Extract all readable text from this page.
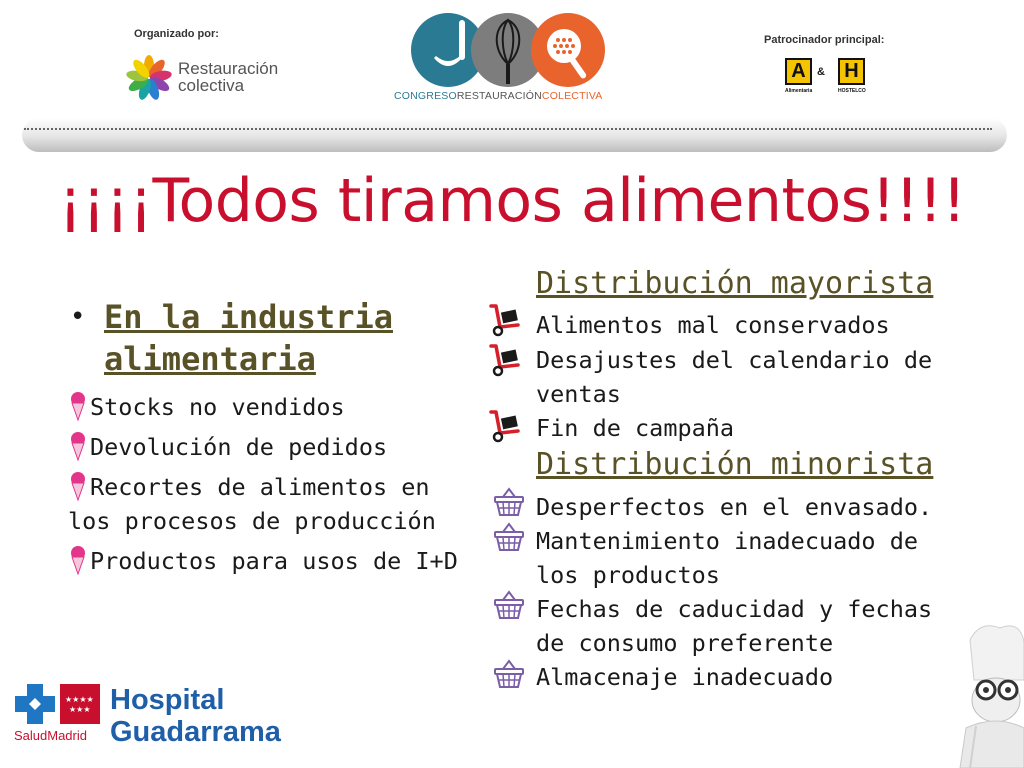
Organizado por:
Restauración
colectiva
CONGRESORESTAURACIÓNCOLECTIVA
Patrocinador principal:
A & H
Alimentaria	HOSTELCO
¡¡¡¡Todos tiramos alimentos!!!!
• En la industria alimentaria
Stocks no vendidos
Devolución de pedidos
Recortes de alimentos en los procesos de producción
Productos para usos de I+D
Distribución mayorista
Alimentos mal conservados
Desajustes del calendario de ventas
Fin de campaña
Distribución minorista
Desperfectos en el envasado.
Mantenimiento inadecuado de los productos
Fechas de caducidad y fechas de consumo preferente
Almacenaje inadecuado
★★★★
★★★
SaludMadrid
Hospital
Guadarrama
